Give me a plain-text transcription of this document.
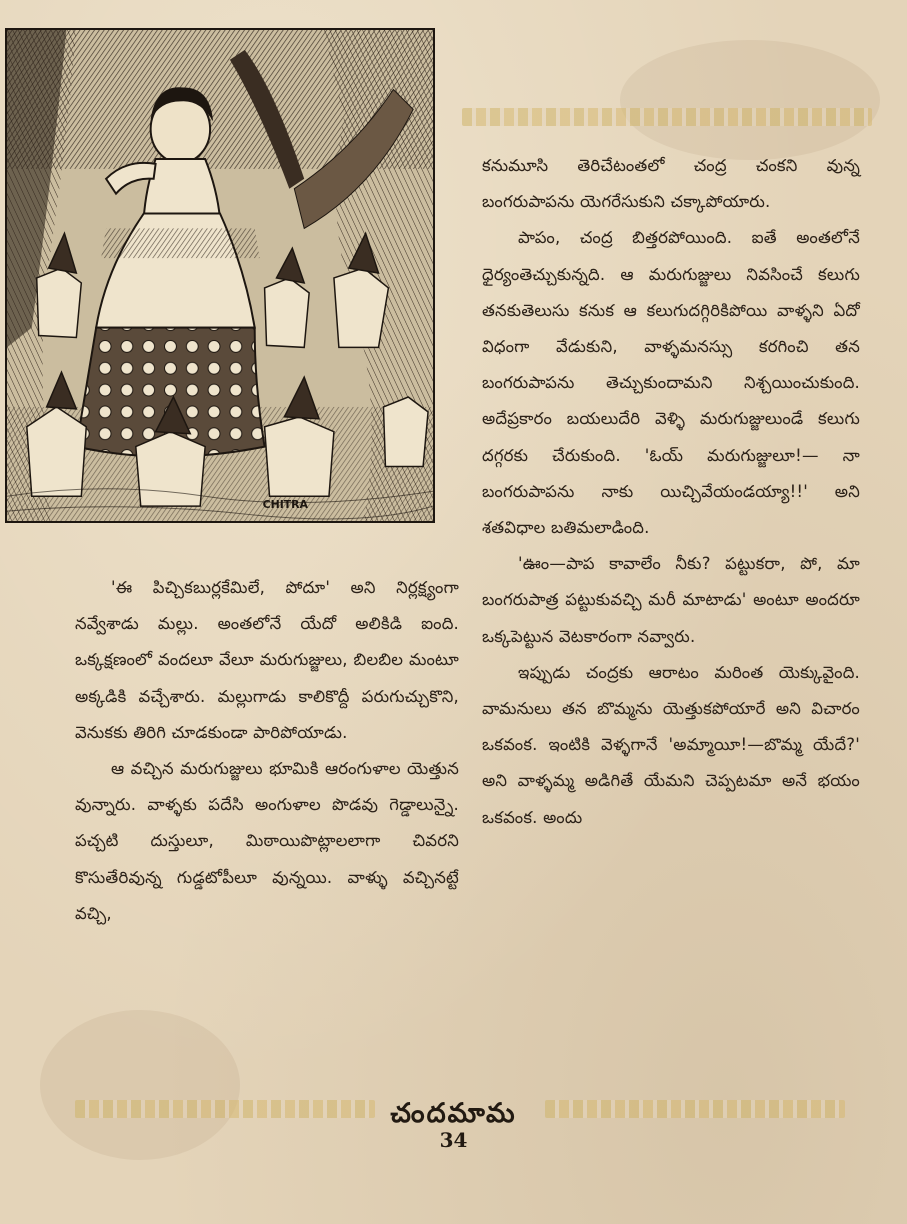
CHITRA

కనుమూసి తెరిచేటంతలో చంద్ర చంకని వున్న బంగరుపాపను యెగరేసుకుని చక్కాపోయారు.

పాపం, చంద్ర బిత్తరపోయింది. ఐతే అంతలోనే ధైర్యంతెచ్చుకున్నది. ఆ మరుగుజ్జులు నివసించే కలుగు తనకుతెలుసు కనుక ఆ కలుగుదగ్గిరికిపోయి వాళ్ళని ఏదో విధంగా వేడుకుని, వాళ్ళమనస్సు కరగించి తన బంగరుపాపను తెచ్చుకుందామని నిశ్చయించుకుంది. అదేప్రకారం బయలుదేరి వెళ్ళి మరుగుజ్జులుండే కలుగు దగ్గరకు చేరుకుంది. 'ఓయ్ మరుగుజ్జులూ!— నా బంగరుపాపను నాకు యిచ్చివేయండయ్యా!!' అని శతవిధాల బతిమలాడింది.

'ఊం—పాప కావాలేం నీకు? పట్టుకరా, పో, మా బంగరుపాత్ర పట్టుకువచ్చి మరీ మాటాడు' అంటూ అందరూ ఒక్కపెట్టున వెటకారంగా నవ్వారు.

ఇప్పుడు చంద్రకు ఆరాటం మరింత యెక్కువైంది. వామనులు తన బొమ్మను యెత్తుకపోయారే అని విచారం ఒకవంక. ఇంటికి వెళ్ళగానే 'అమ్మాయీ!—బొమ్మ యేదే?' అని వాళ్ళమ్మ అడిగితే యేమని చెప్పటమా అనే భయం ఒకవంక. అందు

'ఈ పిచ్చికబుర్లకేమిలే, పోదూ' అని నిర్లక్ష్యంగా నవ్వేశాడు మల్లు. అంతలోనే యేదో అలికిడి ఐంది. ఒక్కక్షణంలో వందలూ వేలూ మరుగుజ్జులు, బిలబిల మంటూ అక్కడికి వచ్చేశారు. మల్లుగాడు కాలికొద్దీ పరుగుచ్చుకొని, వెనుకకు తిరిగి చూడకుండా పారిపోయాడు.

ఆ వచ్చిన మరుగుజ్జులు భూమికి ఆరంగుళాల యెత్తున వున్నారు. వాళ్ళకు పదేసి అంగుళాల పొడవు గెడ్డాలున్నై. పచ్చటి దుస్తులూ, మిఠాయిపొట్లాలలాగా చివరని కొసుతేరివున్న గుడ్డటోపీలూ వున్నయి. వాళ్ళు వచ్చినట్టే వచ్చి,

చందమామ
34
